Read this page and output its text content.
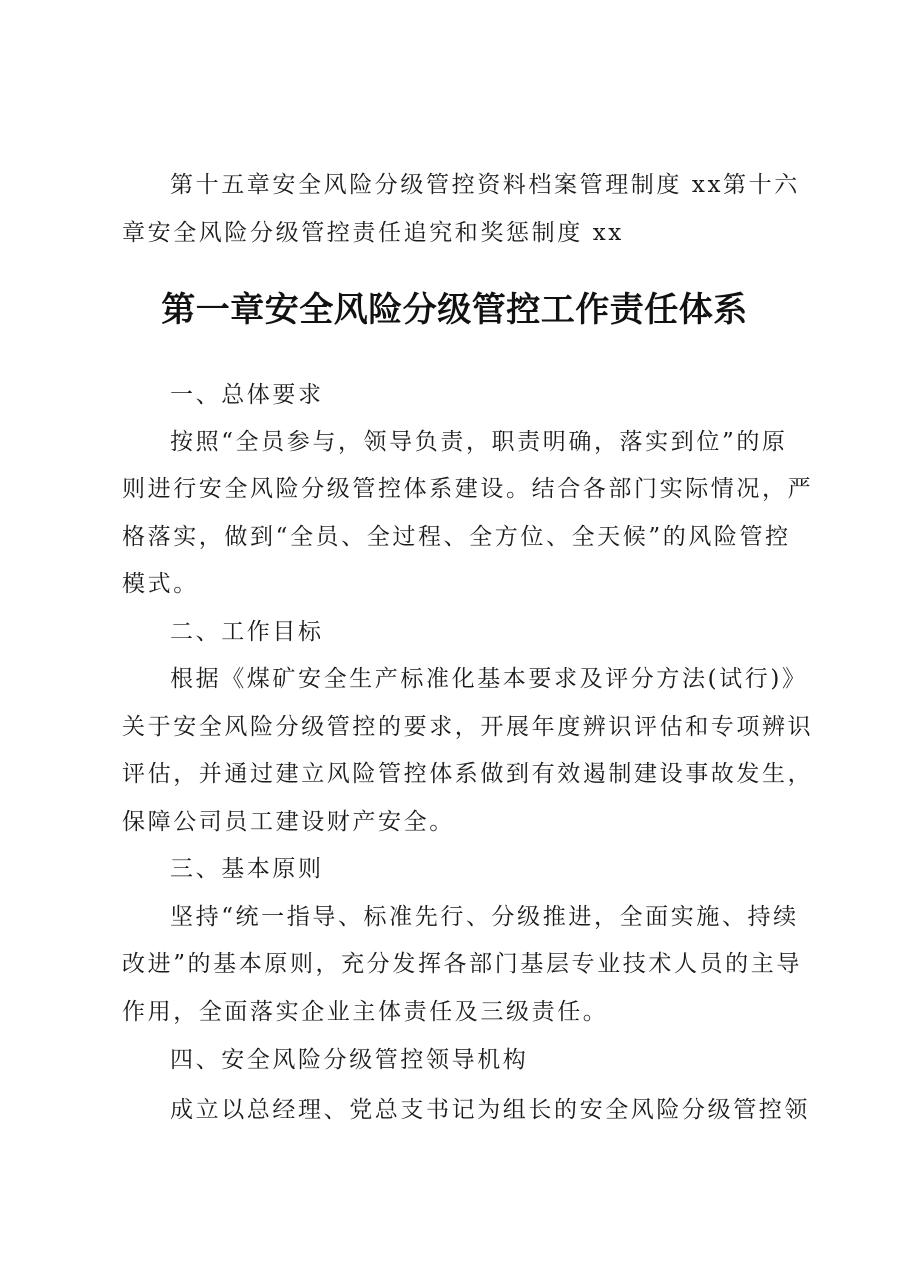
第十五章安全风险分级管控资料档案管理制度 xx第十六
章安全风险分级管控责任追究和奖惩制度 xx
第一章安全风险分级管控工作责任体系
一、总体要求
按照“全员参与，领导负责，职责明确，落实到位”的原
则进行安全风险分级管控体系建设。结合各部门实际情况，严
格落实，做到“全员、全过程、全方位、全天候”的风险管控
模式。
二、工作目标
根据《煤矿安全生产标准化基本要求及评分方法(试行)》
关于安全风险分级管控的要求，开展年度辨识评估和专项辨识
评估，并通过建立风险管控体系做到有效遏制建设事故发生，
保障公司员工建设财产安全。
三、基本原则
坚持“统一指导、标准先行、分级推进，全面实施、持续
改进”的基本原则，充分发挥各部门基层专业技术人员的主导
作用，全面落实企业主体责任及三级责任。
四、安全风险分级管控领导机构
成立以总经理、党总支书记为组长的安全风险分级管控领
